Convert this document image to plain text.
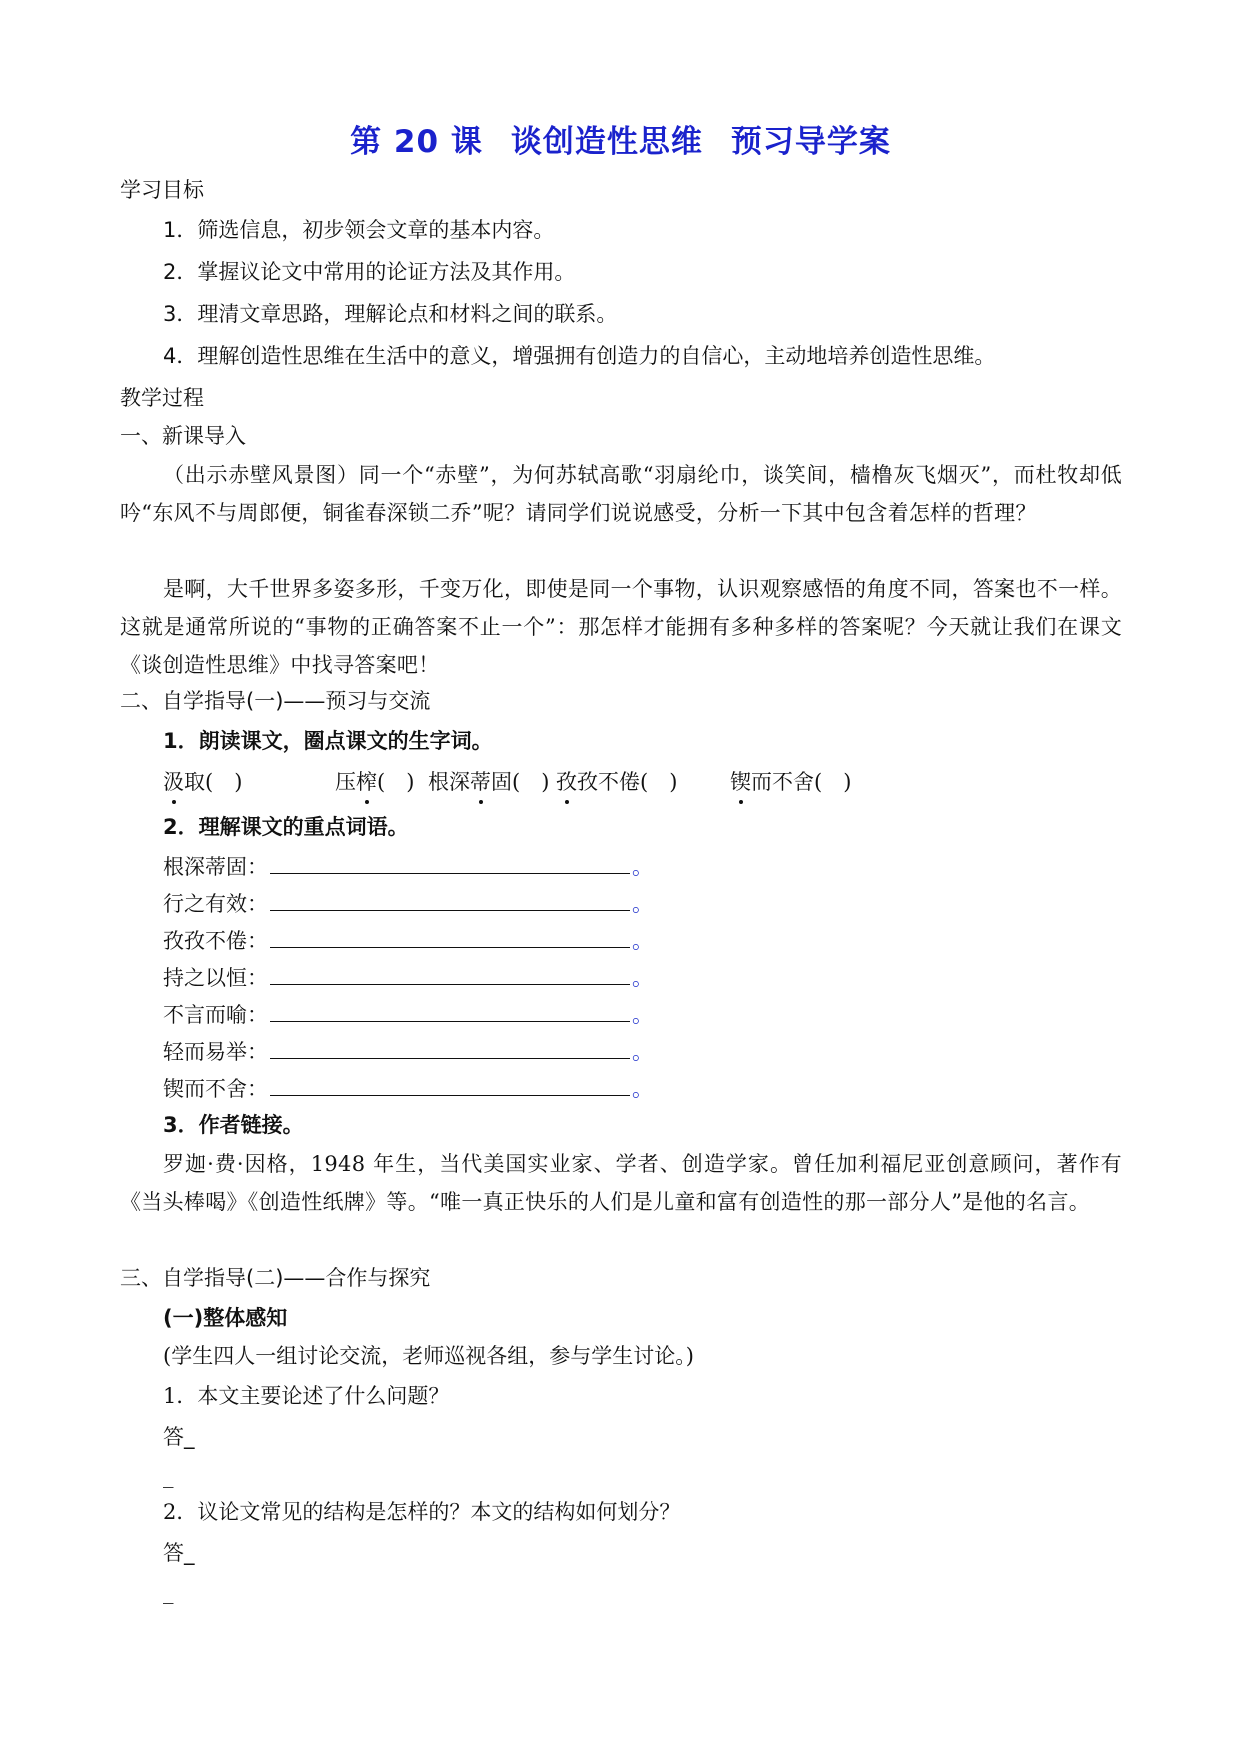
第 20 课 谈创造性思维 预习导学案
学习目标
1．筛选信息，初步领会文章的基本内容。
2．掌握议论文中常用的论证方法及其作用。
3．理清文章思路，理解论点和材料之间的联系。
4．理解创造性思维在生活中的意义，增强拥有创造力的自信心，主动地培养创造性思维。
教学过程
一、新课导入
（出示赤壁风景图）同一个“赤壁”，为何苏轼高歌“羽扇纶巾，谈笑间，樯橹灰飞烟灭”，而杜牧却低吟“东风不与周郎便，铜雀春深锁二乔”呢？请同学们说说感受，分析一下其中包含着怎样的哲理？
是啊，大千世界多姿多形，千变万化，即使是同一个事物，认识观察感悟的角度不同，答案也不一样。这就是通常所说的“事物的正确答案不止一个”：那怎样才能拥有多种多样的答案呢？今天就让我们在课文《谈创造性思维》中找寻答案吧！
二、自学指导(一)——预习与交流
1．朗读课文，圈点课文的生字词。
汲取(　)	压榨(　) 根深蒂固(　) 孜孜不倦(　)	锲而不舍(　)
2．理解课文的重点词语。
根深蒂固：	。
行之有效：	。
孜孜不倦：	。
持之以恒：	。
不言而喻：	。
轻而易举：	。
锲而不舍：	。
3．作者链接。
罗迦·费·因格，1948 年生，当代美国实业家、学者、创造学家。曾任加利福尼亚创意顾问，著作有《当头棒喝》《创造性纸牌》等。“唯一真正快乐的人们是儿童和富有创造性的那一部分人”是他的名言。
三、自学指导(二)——合作与探究
(一)整体感知
(学生四人一组讨论交流，老师巡视各组，参与学生讨论。)
1．本文主要论述了什么问题？
答_
_
2．议论文常见的结构是怎样的？本文的结构如何划分？
答_
_
